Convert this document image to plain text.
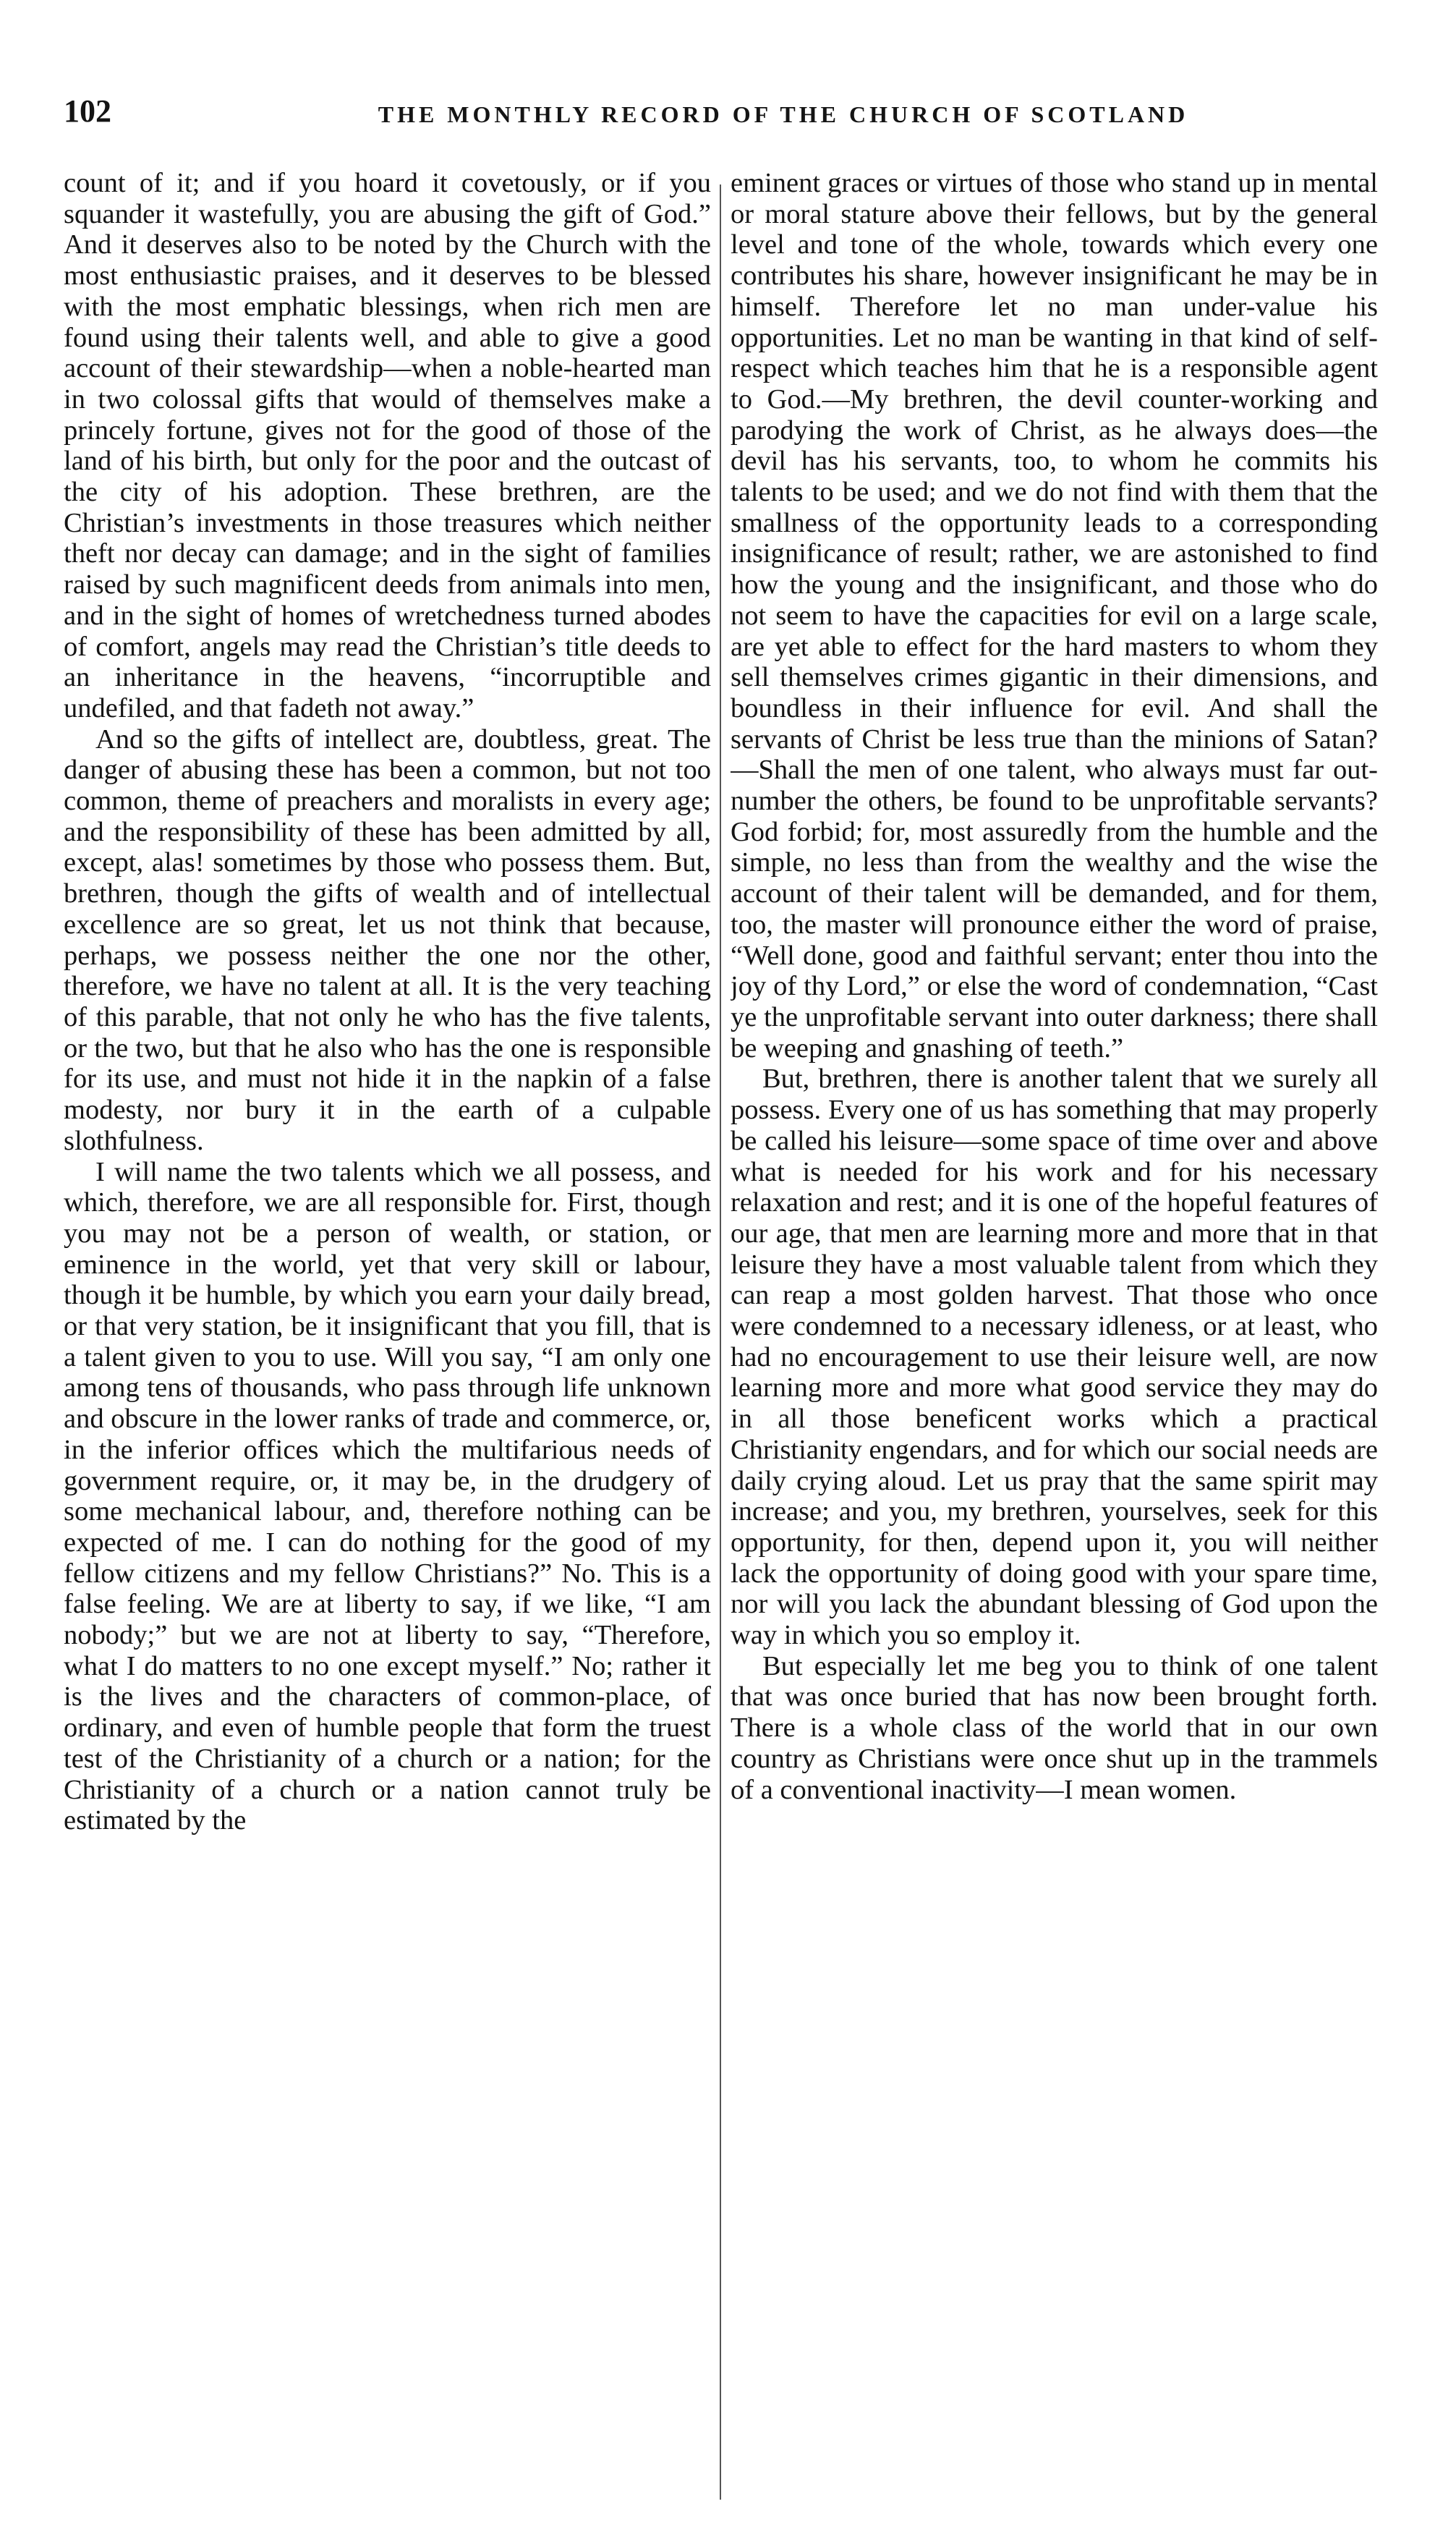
102	THE MONTHLY RECORD OF THE CHURCH OF SCOTLAND

count of it; and if you hoard it covetously, or if you squander it wastefully, you are abusing the gift of God.” And it deserves also to be noted by the Church with the most enthusiastic praises, and it deserves to be blessed with the most emphatic blessings, when rich men are found using their talents well, and able to give a good account of their stewardship—when a noble-hearted man in two colossal gifts that would of themselves make a princely fortune, gives not for the good of those of the land of his birth, but only for the poor and the outcast of the city of his adoption. These brethren, are the Christian’s investments in those treasures which neither theft nor decay can damage; and in the sight of families raised by such magnificent deeds from animals into men, and in the sight of homes of wretchedness turned abodes of comfort, angels may read the Christian’s title deeds to an inheritance in the heavens, “incorruptible and undefiled, and that fadeth not away.”

And so the gifts of intellect are, doubtless, great. The danger of abusing these has been a common, but not too common, theme of preachers and moralists in every age; and the responsibility of these has been admitted by all, except, alas! sometimes by those who possess them. But, brethren, though the gifts of wealth and of intellectual excellence are so great, let us not think that because, perhaps, we possess neither the one nor the other, therefore, we have no talent at all. It is the very teaching of this parable, that not only he who has the five talents, or the two, but that he also who has the one is responsible for its use, and must not hide it in the napkin of a false modesty, nor bury it in the earth of a culpable slothfulness.

I will name the two talents which we all possess, and which, therefore, we are all responsible for. First, though you may not be a person of wealth, or station, or eminence in the world, yet that very skill or labour, though it be humble, by which you earn your daily bread, or that very station, be it insignificant that you fill, that is a talent given to you to use. Will you say, “I am only one among tens of thousands, who pass through life unknown and obscure in the lower ranks of trade and commerce, or, in the inferior offices which the multifarious needs of government require, or, it may be, in the drudgery of some mechanical labour, and, therefore nothing can be expected of me. I can do nothing for the good of my fellow citizens and my fellow Christians?” No. This is a false feeling. We are at liberty to say, if we like, “I am nobody;” but we are not at liberty to say, “Therefore, what I do matters to no one except myself.” No; rather it is the lives and the characters of common-place, of ordinary, and even of humble people that form the truest test of the Christianity of a church or a nation; for the Christianity of a church or a nation cannot truly be estimated by the

eminent graces or virtues of those who stand up in mental or moral stature above their fellows, but by the general level and tone of the whole, towards which every one contributes his share, however insignificant he may be in himself. Therefore let no man under-value his opportunities. Let no man be wanting in that kind of self-respect which teaches him that he is a responsible agent to God.—My brethren, the devil counter-working and parodying the work of Christ, as he always does—the devil has his servants, too, to whom he commits his talents to be used; and we do not find with them that the smallness of the opportunity leads to a corresponding insignificance of result; rather, we are astonished to find how the young and the insignificant, and those who do not seem to have the capacities for evil on a large scale, are yet able to effect for the hard masters to whom they sell themselves crimes gigantic in their dimensions, and boundless in their influence for evil. And shall the servants of Christ be less true than the minions of Satan?—Shall the men of one talent, who always must far out-number the others, be found to be unprofitable servants? God forbid; for, most assuredly from the humble and the simple, no less than from the wealthy and the wise the account of their talent will be demanded, and for them, too, the master will pronounce either the word of praise, “Well done, good and faithful servant; enter thou into the joy of thy Lord,” or else the word of condemnation, “Cast ye the unprofitable servant into outer darkness; there shall be weeping and gnashing of teeth.”

But, brethren, there is another talent that we surely all possess. Every one of us has something that may properly be called his leisure—some space of time over and above what is needed for his work and for his necessary relaxation and rest; and it is one of the hopeful features of our age, that men are learning more and more that in that leisure they have a most valuable talent from which they can reap a most golden harvest. That those who once were condemned to a necessary idleness, or at least, who had no encouragement to use their leisure well, are now learning more and more what good service they may do in all those beneficent works which a practical Christianity engendars, and for which our social needs are daily crying aloud. Let us pray that the same spirit may increase; and you, my brethren, yourselves, seek for this opportunity, for then, depend upon it, you will neither lack the opportunity of doing good with your spare time, nor will you lack the abundant blessing of God upon the way in which you so employ it.

But especially let me beg you to think of one talent that was once buried that has now been brought forth. There is a whole class of the world that in our own country as Christians were once shut up in the trammels of a conventional inactivity—I mean women.
